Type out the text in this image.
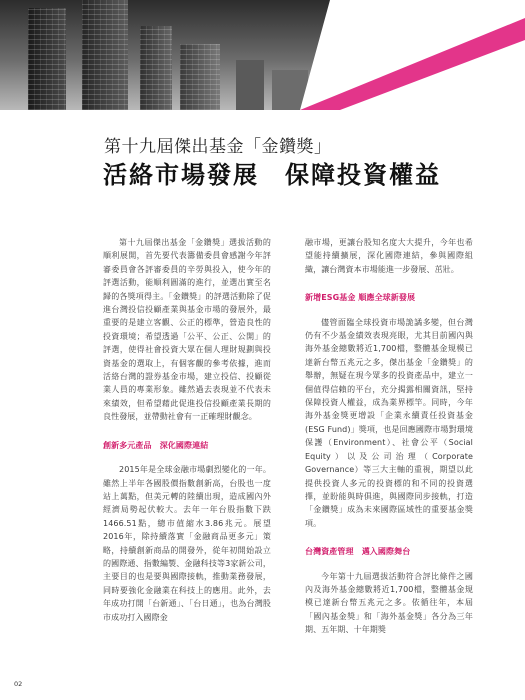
第十九屆傑出基金「金鑽獎」
活絡市場發展　保障投資權益

第十九屆傑出基金「金鑽獎」選拔活動的順利展開，首先要代表籌備委員會感謝今年評審委員會各評審委員的辛勞與投入，使今年的評選活動，能順利圓滿的進行，並選出實至名歸的各獎項得主。「金鑽獎」的評選活動除了促進台灣投信投顧產業與基金市場的發展外，最重要的是建立客觀、公正的標準，營造良性的投資環境；希望透過「公平、公正、公開」的評選，使得社會投資大眾在個人理財規劃與投資基金的選取上，有個客觀的參考依據，進而活絡台灣的證券基金市場，建立投信、投顧從業人員的專業形象。雖然過去表現並不代表未來績效，但希望藉此促進投信投顧產業長期的良性發展，並帶動社會有一正確理財觀念。

創新多元產品　深化國際連結

2015年是全球金融市場劇烈變化的一年。雖然上半年各國股價指數創新高，台股也一度站上萬點，但美元轉的陸續出現，造成國內外經濟局勢起伏較大。去年一年台股指數下跌1466.51點，總市值縮水3.86兆元。展望2016年，除持續落實「金融商品更多元」策略，持續創新商品的開發外，從年初開始設立的國際通、指數編製、金融科技等3家新公司，主要目的也是要與國際接軌，推動業務發展，同時要強化金融業在科技上的應用。此外，去年成功打開「台新通」、「台日通」，也為台灣股市成功打入國際金

融市場，更讓台股知名度大大提升，今年也希望能持續擴展，深化國際連結，參與國際組織，讓台灣資本市場能進一步發展、茁壯。

新增ESG基金 順應全球新發展

儘管面臨全球投資市場詭譎多變，但台灣仍有不少基金績效表現亮眼，尤其目前國內與海外基金總數將近1,700檔，整體基金規模已達新台幣五兆元之多，傑出基金「金鑽獎」的舉辦，無疑在現今眾多的投資產品中，建立一個值得信賴的平台，充分揭露相關資訊，堅持保障投資人權益，成為業界標竿。同時，今年海外基金獎更增設「企業永續責任投資基金(ESG Fund)」獎項，也是回應國際市場對環境保護（Environment）、社會公平（Social Equity）以及公司治理（Corporate Governance）等三大主軸的重視，期望以此提供投資人多元的投資標的和不同的投資選擇，並盼能與時俱進，與國際同步接軌，打造「金鑽獎」成為未來國際區域性的重要基金獎項。

台灣資產管理　邁入國際舞台

今年第十九屆選拔活動符合評比條件之國內及海外基金總數將近1,700檔，整體基金規模已達新台幣五兆元之多。依循往年，本屆「國內基金獎」和「海外基金獎」各分為三年期、五年期、十年期獎

02
